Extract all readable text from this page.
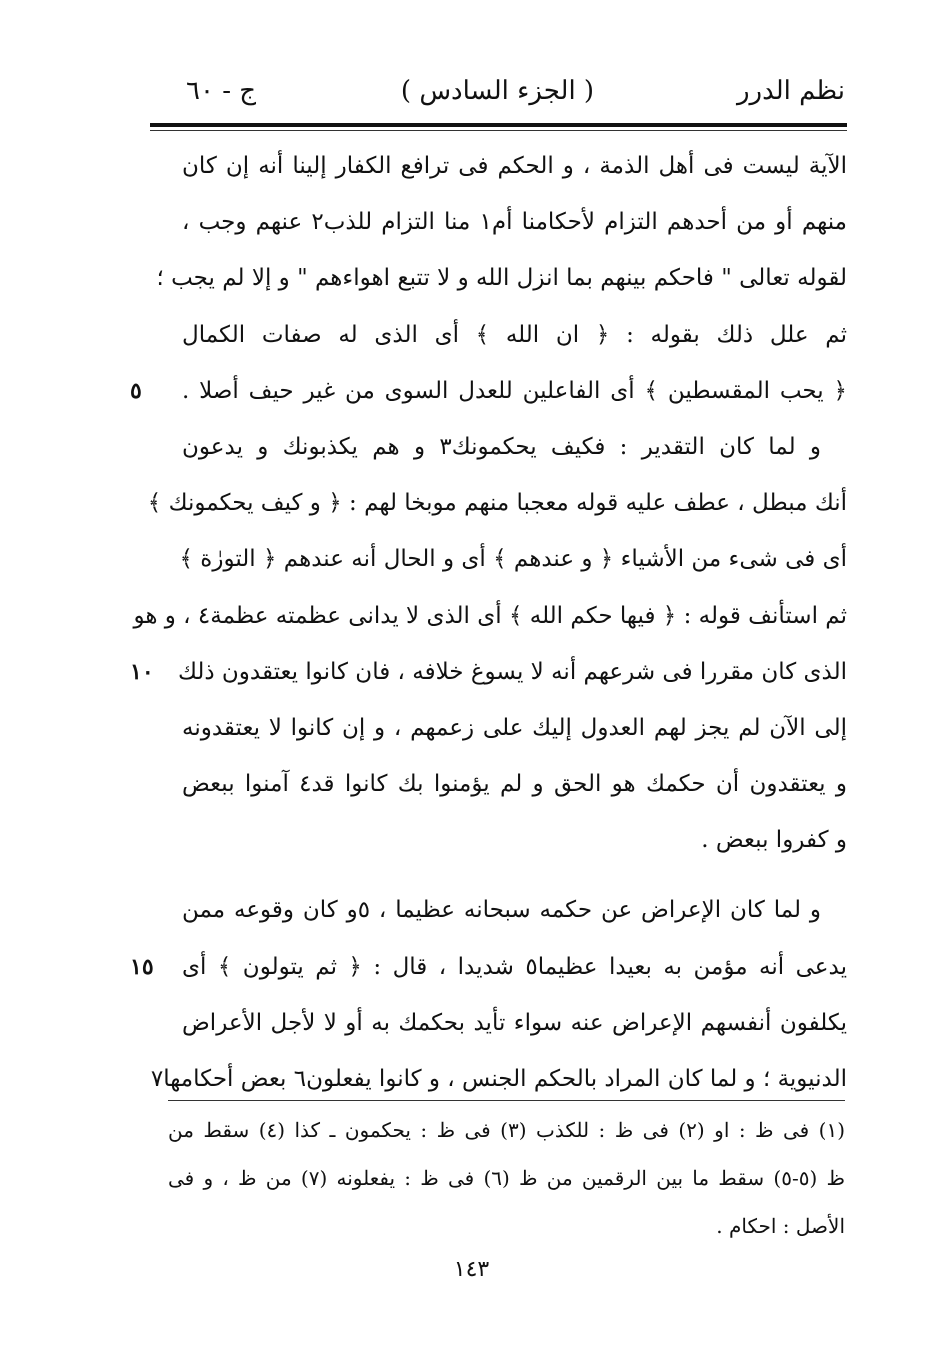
نظم الدرر
( الجزء السادس )
ج - ٦٠
الآية ليست فى أهل الذمة ، و الحكم فى ترافع الكفار إلينا أنه إن كان
منهم أو من أحدهم التزام لأحكامنا أم١ منا التزام للذب٢ عنهم وجب ،
لقوله تعالى " فاحكم بينهم بما انزل الله و لا تتبع اهواءهم " و إلا لم يجب ؛
ثم علل ذلك بقوله : ﴿ ان الله ﴾ أى الذى له صفات الكمال
﴿ يحب المقسطين ﴾ أى الفاعلين للعدل السوى من غير حيف أصلا .
٥
و لما كان التقدير : فكيف يحكمونك٣ و هم يكذبونك و يدعون
أنك مبطل ، عطف عليه قوله معجبا منهم موبخا لهم : ﴿ و كيف يحكمونك ﴾
أى فى شىء من الأشياء ﴿ و عندهم ﴾ أى و الحال أنه عندهم ﴿ التورٰة ﴾
ثم استأنف قوله : ﴿ فيها حكم الله ﴾ أى الذى لا يدانى عظمته عظمة٤ ، و هو
الذى كان مقررا فى شرعهم أنه لا يسوغ خلافه ، فان كانوا يعتقدون ذلك
١٠
إلى الآن لم يجز لهم العدول إليك على زعمهم ، و إن كانوا لا يعتقدونه
و يعتقدون أن حكمك هو الحق و لم يؤمنوا بك كانوا قد٤ آمنوا ببعض
و كفروا ببعض .
و لما كان الإعراض عن حكمه سبحانه عظيما ، ٥و كان وقوعه ممن
يدعى أنه مؤمن به بعيدا عظيما٥ شديدا ، قال : ﴿ ثم يتولون ﴾ أى
١٥
يكلفون أنفسهم الإعراض عنه سواء تأيد بحكمك به أو لا لأجل الأعراض
الدنيوية ؛ و لما كان المراد بالحكم الجنس ، و كانوا يفعلون٦ بعض أحكامها٧
(١) فى ظ : او (٢) فى ظ : للكذب (٣) فى ظ : يحكمون ـ كذا (٤) سقط من
ظ (٥-٥) سقط ما بين الرقمين من ظ (٦) فى ظ : يفعلونه (٧) من ظ ، و فى
الأصل : احكام .
١٤٣
